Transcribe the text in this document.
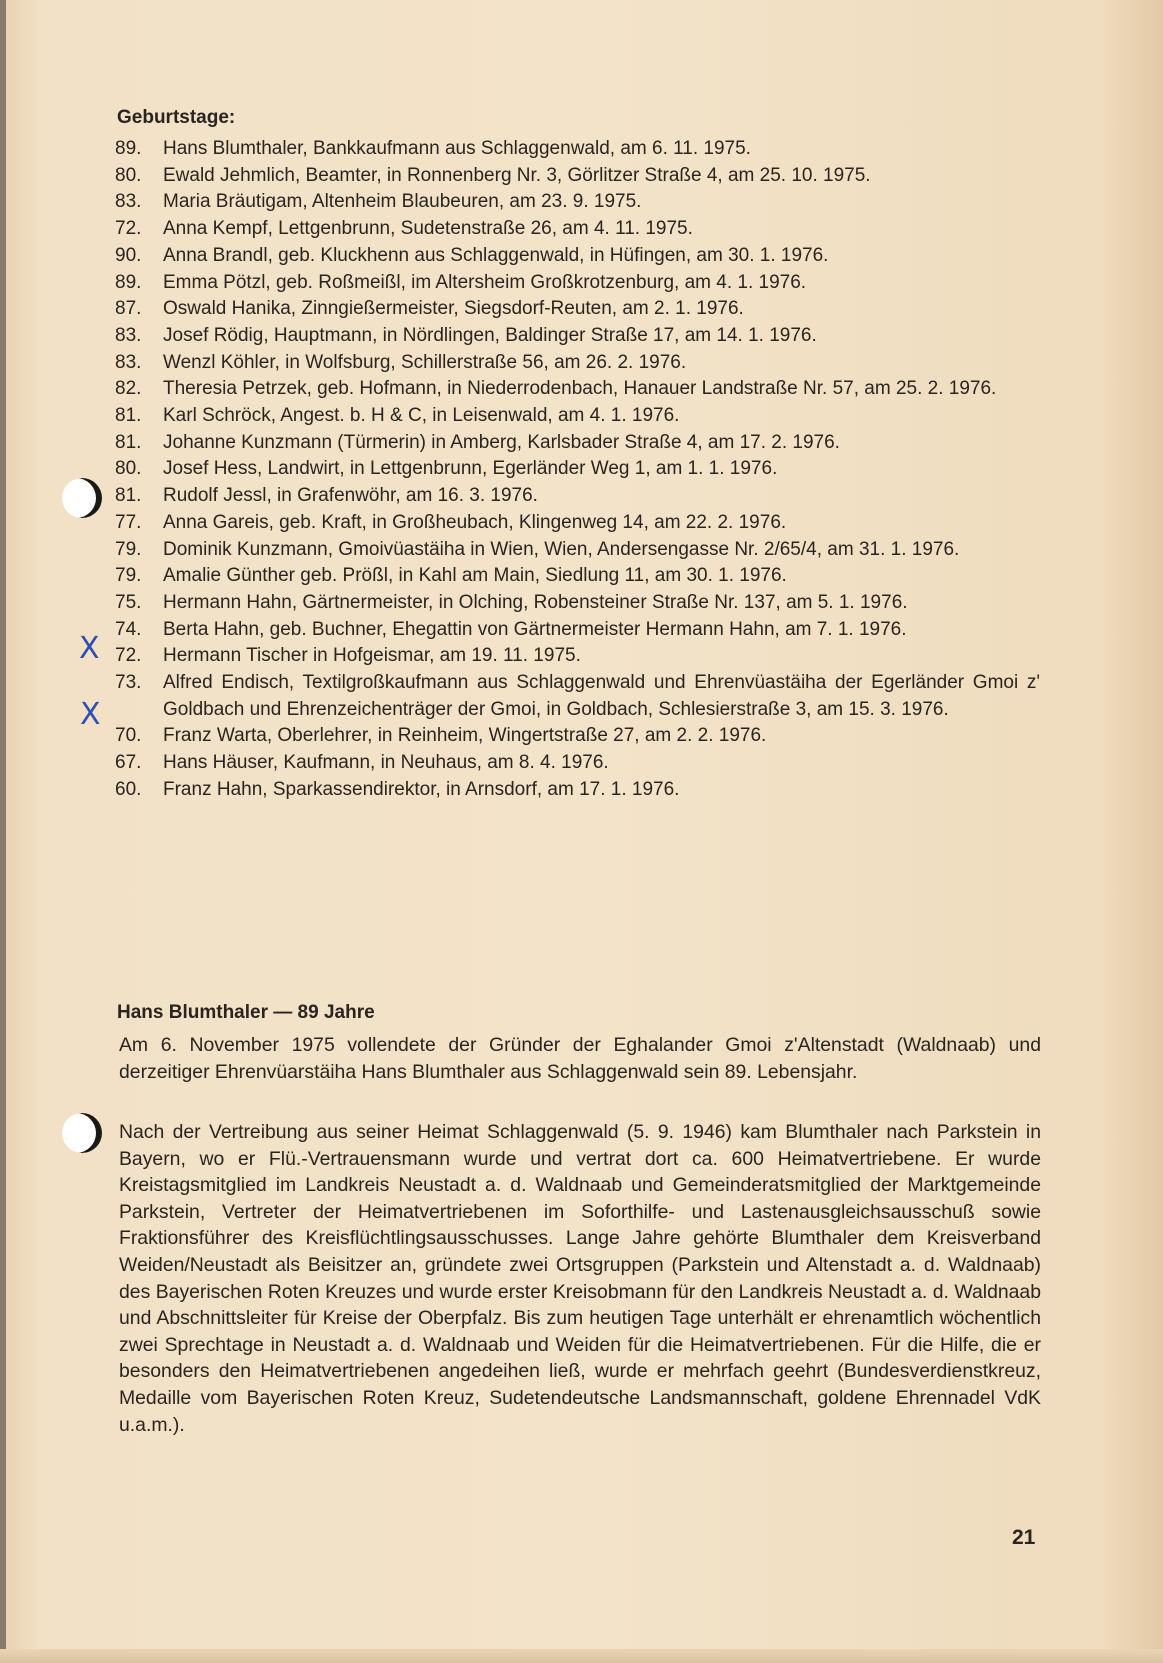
Geburtstage:
89.	Hans Blumthaler, Bankkaufmann aus Schlaggenwald, am 6. 11. 1975.
80.	Ewald Jehmlich, Beamter, in Ronnenberg Nr. 3, Görlitzer Straße 4, am 25. 10. 1975.
83.	Maria Bräutigam, Altenheim Blaubeuren, am 23. 9. 1975.
72.	Anna Kempf, Lettgenbrunn, Sudetenstraße 26, am 4. 11. 1975.
90.	Anna Brandl, geb. Kluckhenn aus Schlaggenwald, in Hüfingen, am 30. 1. 1976.
89.	Emma Pötzl, geb. Roßmeißl, im Altersheim Großkrotzenburg, am 4. 1. 1976.
87.	Oswald Hanika, Zinngießermeister, Siegsdorf-Reuten, am 2. 1. 1976.
83.	Josef Rödig, Hauptmann, in Nördlingen, Baldinger Straße 17, am 14. 1. 1976.
83.	Wenzl Köhler, in Wolfsburg, Schillerstraße 56, am 26. 2. 1976.
82.	Theresia Petrzek, geb. Hofmann, in Niederrodenbach, Hanauer Landstraße Nr. 57, am 25. 2. 1976.
81.	Karl Schröck, Angest. b. H & C, in Leisenwald, am 4. 1. 1976.
81.	Johanne Kunzmann (Türmerin) in Amberg, Karlsbader Straße 4, am 17. 2. 1976.
80.	Josef Hess, Landwirt, in Lettgenbrunn, Egerländer Weg 1, am 1. 1. 1976.
81.	Rudolf Jessl, in Grafenwöhr, am 16. 3. 1976.
77.	Anna Gareis, geb. Kraft, in Großheubach, Klingenweg 14, am 22. 2. 1976.
79.	Dominik Kunzmann, Gmoivüastäiha in Wien, Wien, Andersengasse Nr. 2/65/4, am 31. 1. 1976.
79.	Amalie Günther geb. Prößl, in Kahl am Main, Siedlung 11, am 30. 1. 1976.
75.	Hermann Hahn, Gärtnermeister, in Olching, Robensteiner Straße Nr. 137, am 5. 1. 1976.
74.	Berta Hahn, geb. Buchner, Ehegattin von Gärtnermeister Hermann Hahn, am 7. 1. 1976.
72.	Hermann Tischer in Hofgeismar, am 19. 11. 1975.
73.	Alfred Endisch, Textilgroßkaufmann aus Schlaggenwald und Ehrenvüastäiha der Egerländer Gmoi z' Goldbach und Ehrenzeichenträger der Gmoi, in Goldbach, Schlesierstraße 3, am 15. 3. 1976.
70.	Franz Warta, Oberlehrer, in Reinheim, Wingertstraße 27, am 2. 2. 1976.
67.	Hans Häuser, Kaufmann, in Neuhaus, am 8. 4. 1976.
60.	Franz Hahn, Sparkassendirektor, in Arnsdorf, am 17. 1. 1976.
X
X
Hans Blumthaler — 89 Jahre

Am 6. November 1975 vollendete der Gründer der Eghalander Gmoi z'Altenstadt (Waldnaab) und derzeitiger Ehrenvüarstäiha Hans Blumthaler aus Schlaggenwald sein 89. Lebensjahr.

Nach der Vertreibung aus seiner Heimat Schlaggenwald (5. 9. 1946) kam Blumthaler nach Parkstein in Bayern, wo er Flü.-Vertrauensmann wurde und vertrat dort ca. 600 Heimatvertriebene. Er wurde Kreistagsmitglied im Landkreis Neustadt a. d. Waldnaab und Gemeinderatsmitglied der Marktgemeinde Parkstein, Vertreter der Heimatvertriebenen im Soforthilfe- und Lastenausgleichsausschuß sowie Fraktionsführer des Kreisflüchtlingsausschusses. Lange Jahre gehörte Blumthaler dem Kreisverband Weiden/Neustadt als Beisitzer an, gründete zwei Ortsgruppen (Parkstein und Altenstadt a. d. Waldnaab) des Bayerischen Roten Kreuzes und wurde erster Kreisobmann für den Landkreis Neustadt a. d. Waldnaab und Abschnittsleiter für Kreise der Oberpfalz. Bis zum heutigen Tage unterhält er ehrenamtlich wöchentlich zwei Sprechtage in Neustadt a. d. Waldnaab und Weiden für die Heimatvertriebenen. Für die Hilfe, die er besonders den Heimatvertriebenen angedeihen ließ, wurde er mehrfach geehrt (Bundesverdienstkreuz, Medaille vom Bayerischen Roten Kreuz, Sudetendeutsche Landsmannschaft, goldene Ehrennadel VdK u.a.m.).

21
